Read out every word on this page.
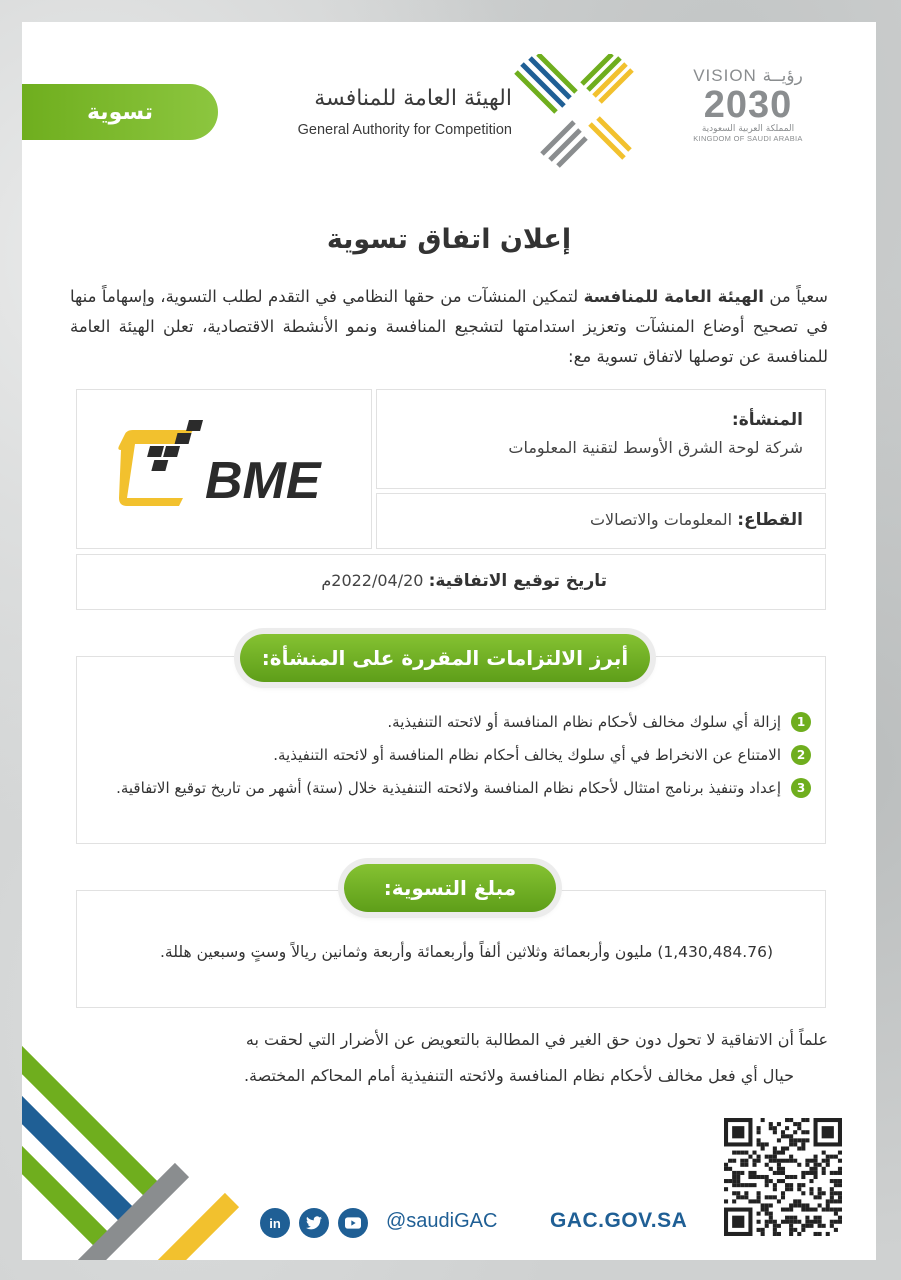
تسوية
الهيئة العامة للمنافسة
General Authority for Competition
VISION رؤيــة
2030
المملكة العربية السعودية
KINGDOM OF SAUDI ARABIA
إعلان اتفاق تسوية

سعياً من الهيئة العامة للمنافسة لتمكين المنشآت من حقها النظامي في التقدم لطلب التسوية، وإسهاماً منها في تصحيح أوضاع المنشآت وتعزيز استدامتها لتشجيع المنافسة ونمو الأنشطة الاقتصادية، تعلن الهيئة العامة للمنافسة عن توصلها لاتفاق تسوية مع:

BME
المنشأة:
شركة لوحة الشرق الأوسط لتقنية المعلومات
القطاع: المعلومات والاتصالات
تاريخ توقيع الاتفاقية: 2022/04/20م
أبرز الالتزامات المقررة على المنشأة:
1
إزالة أي سلوك مخالف لأحكام نظام المنافسة أو لائحته التنفيذية.
2
الامتناع عن الانخراط في أي سلوك يخالف أحكام نظام المنافسة أو لائحته التنفيذية.
3
إعداد وتنفيذ برنامج امتثال لأحكام نظام المنافسة ولائحته التنفيذية خلال (ستة) أشهر من تاريخ توقيع الاتفاقية.
مبلغ التسوية:
(1,430,484.76) مليون وأربعمائة وثلاثين ألفاً وأربعمائة وأربعة وثمانين ريالاً وستٍ وسبعين هللة.
علماً أن الاتفاقية لا تحول دون حق الغير في المطالبة بالتعويض عن الأضرار التي لحقت به
حيال أي فعل مخالف لأحكام نظام المنافسة ولائحته التنفيذية أمام المحاكم المختصة.
in	@saudiGAC	GAC.GOV.SA
